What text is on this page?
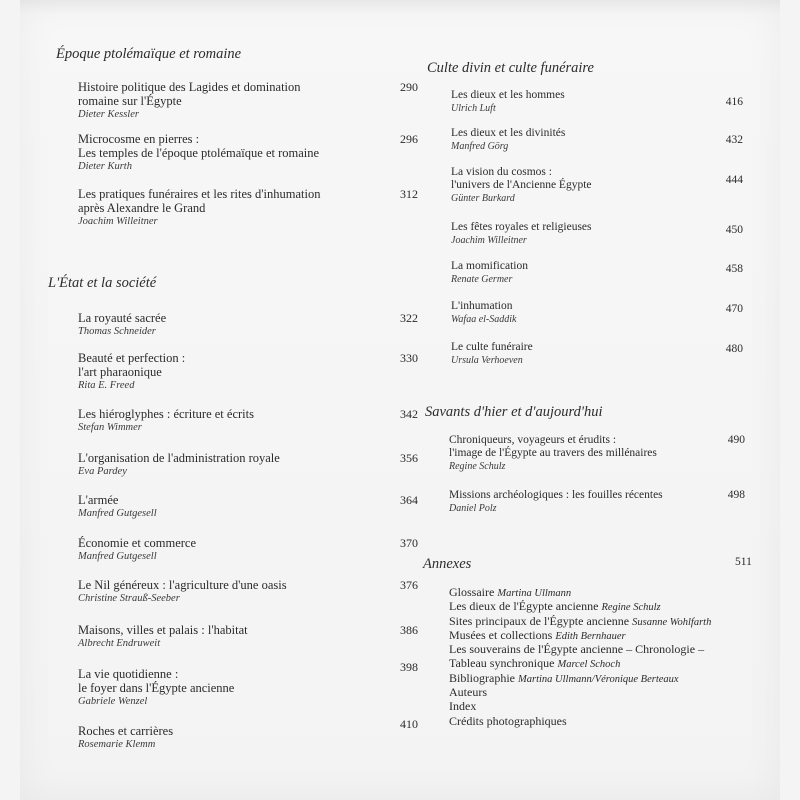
Époque ptolémaïque et romaine
Histoire politique des Lagides et domination
romaine sur l'Égypte
Dieter Kessler
290
Microcosme en pierres :
Les temples de l'époque ptolémaïque et romaine
Dieter Kurth
296
Les pratiques funéraires et les rites d'inhumation
après Alexandre le Grand
Joachim Willeitner
312
L'État et la société
La royauté sacrée
Thomas Schneider
322
Beauté et perfection :
l'art pharaonique
Rita E. Freed
330
Les hiéroglyphes : écriture et écrits
Stefan Wimmer
342
L'organisation de l'administration royale
Eva Pardey
356
L'armée
Manfred Gutgesell
364
Économie et commerce
Manfred Gutgesell
370
Le Nil généreux : l'agriculture d'une oasis
Christine Strauß-Seeber
376
Maisons, villes et palais : l'habitat
Albrecht Endruweit
386
La vie quotidienne :
le foyer dans l'Égypte ancienne
Gabriele Wenzel
398
Roches et carrières
Rosemarie Klemm
410
Culte divin et culte funéraire
Les dieux et les hommes
Ulrich Luft
416
Les dieux et les divinités
Manfred Görg
432
La vision du cosmos :
l'univers de l'Ancienne Égypte
Günter Burkard
444
Les fêtes royales et religieuses
Joachim Willeitner
450
La momification
Renate Germer
458
L'inhumation
Wafaa el-Saddik
470
Le culte funéraire
Ursula Verhoeven
480
Savants d'hier et d'aujourd'hui
Chroniqueurs, voyageurs et érudits :
l'image de l'Égypte au travers des millénaires
Regine Schulz
490
Missions archéologiques : les fouilles récentes
Daniel Polz
498
Annexes	511
Glossaire Martina Ullmann
Les dieux de l'Égypte ancienne Regine Schulz
Sites principaux de l'Égypte ancienne Susanne Wohlfarth
Musées et collections Edith Bernhauer
Les souverains de l'Égypte ancienne – Chronologie –
Tableau synchronique Marcel Schoch
Bibliographie Martina Ullmann/Véronique Berteaux
Auteurs
Index
Crédits photographiques
